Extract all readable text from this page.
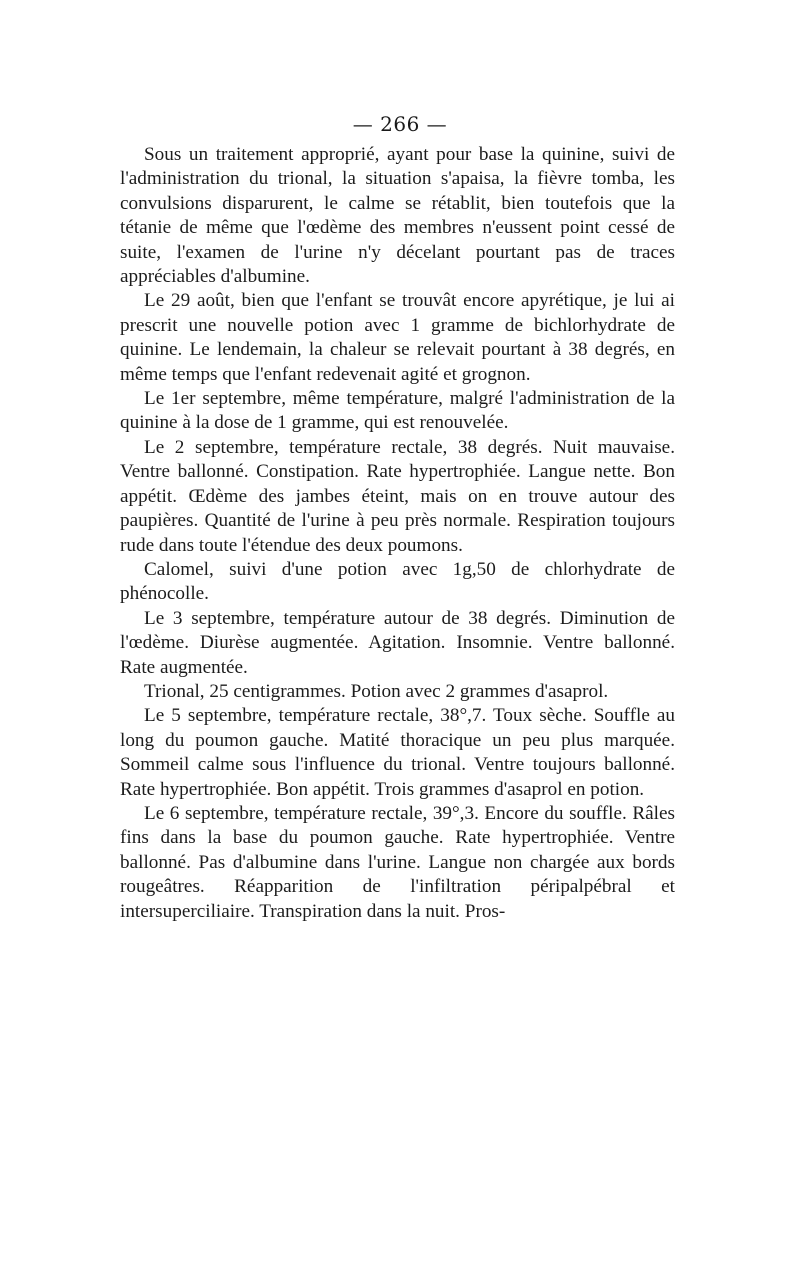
— 266 —

Sous un traitement approprié, ayant pour base la quinine, suivi de l'administration du trional, la situation s'apaisa, la fièvre tomba, les convulsions disparurent, le calme se rétablit, bien toutefois que la tétanie de même que l'œdème des membres n'eussent point cessé de suite, l'examen de l'urine n'y décelant pourtant pas de traces appréciables d'albumine.

Le 29 août, bien que l'enfant se trouvât encore apyrétique, je lui ai prescrit une nouvelle potion avec 1 gramme de bichlorhydrate de quinine. Le lendemain, la chaleur se relevait pourtant à 38 degrés, en même temps que l'enfant redevenait agité et grognon.

Le 1er septembre, même température, malgré l'administration de la quinine à la dose de 1 gramme, qui est renouvelée.

Le 2 septembre, température rectale, 38 degrés. Nuit mauvaise. Ventre ballonné. Constipation. Rate hypertrophiée. Langue nette. Bon appétit. Œdème des jambes éteint, mais on en trouve autour des paupières. Quantité de l'urine à peu près normale. Respiration toujours rude dans toute l'étendue des deux poumons.

Calomel, suivi d'une potion avec 1g,50 de chlorhydrate de phénocolle.

Le 3 septembre, température autour de 38 degrés. Diminution de l'œdème. Diurèse augmentée. Agitation. Insomnie. Ventre ballonné. Rate augmentée.

Trional, 25 centigrammes. Potion avec 2 grammes d'asaprol.

Le 5 septembre, température rectale, 38°,7. Toux sèche. Souffle au long du poumon gauche. Matité thoracique un peu plus marquée. Sommeil calme sous l'influence du trional. Ventre toujours ballonné. Rate hypertrophiée. Bon appétit. Trois grammes d'asaprol en potion.

Le 6 septembre, température rectale, 39°,3. Encore du souffle. Râles fins dans la base du poumon gauche. Rate hypertrophiée. Ventre ballonné. Pas d'albumine dans l'urine. Langue non chargée aux bords rougeâtres. Réapparition de l'infiltration péripalpébral et intersuperciliaire. Transpiration dans la nuit. Pros-
